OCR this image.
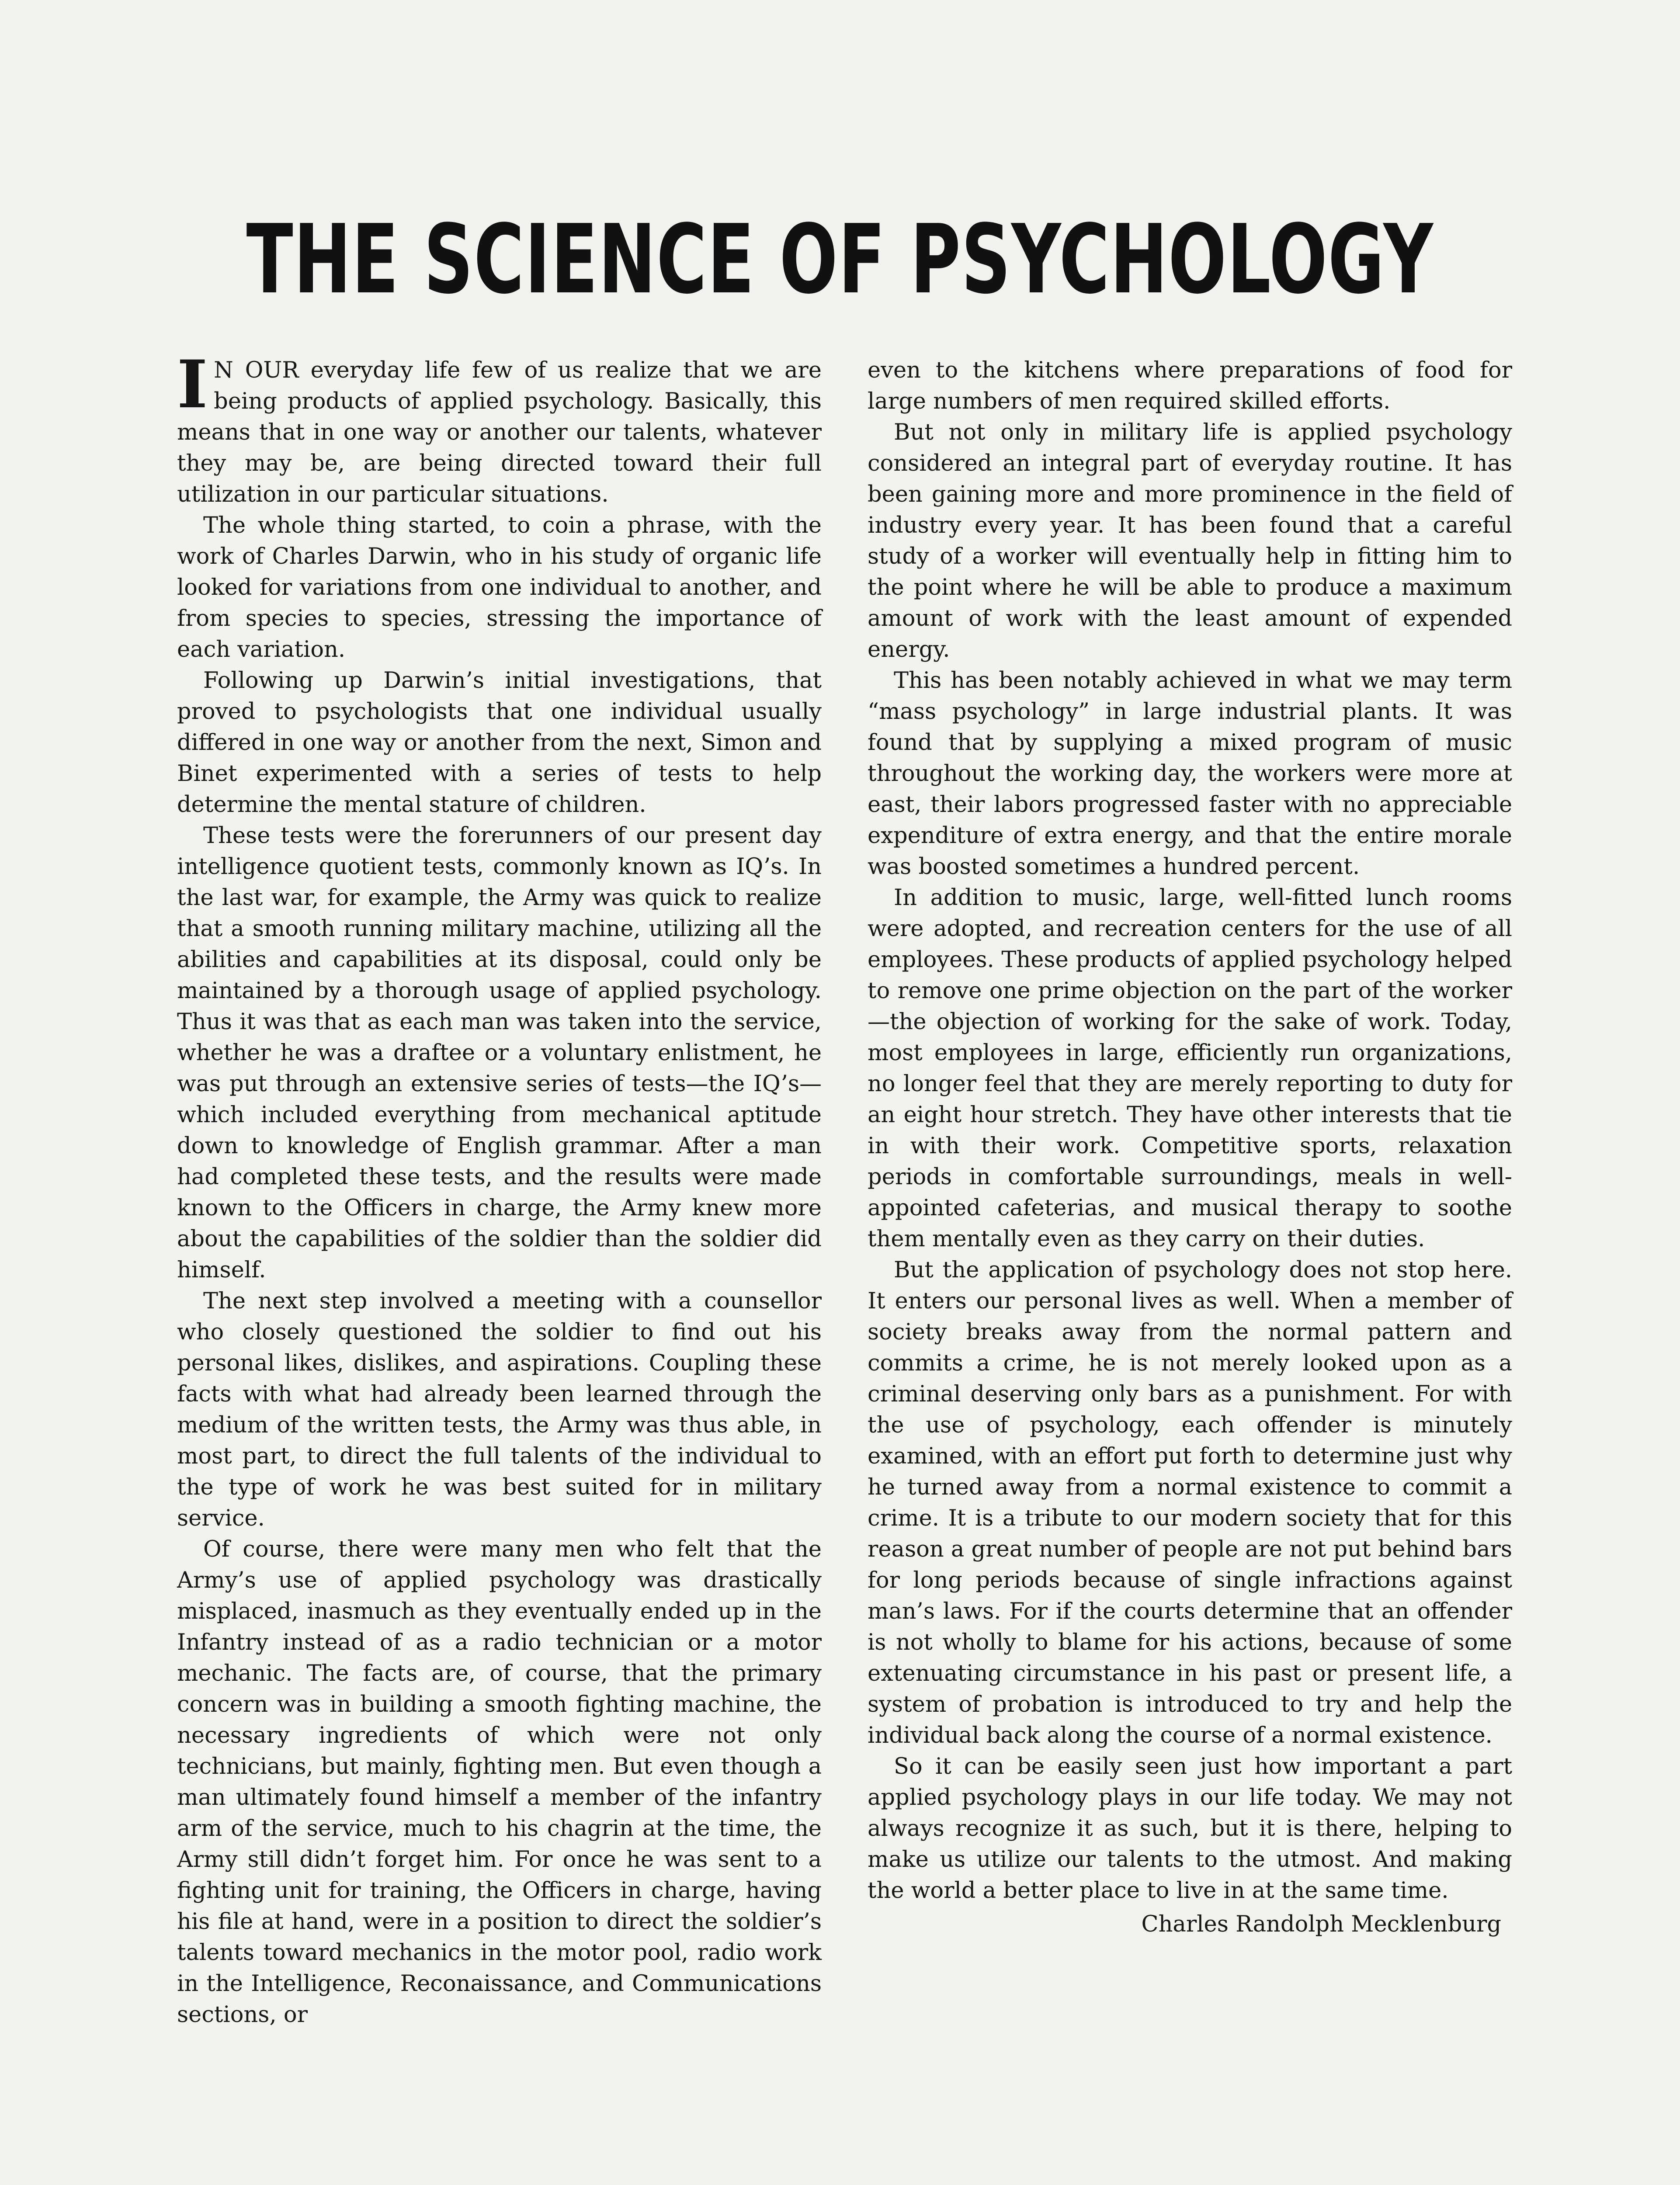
THE SCIENCE OF PSYCHOLOGY

I N OUR everyday life few of us realize that we are being products of applied psychology. Basically, this means that in one way or another our talents, whatever they may be, are being directed toward their full utilization in our particular situations.

The whole thing started, to coin a phrase, with the work of Charles Darwin, who in his study of organic life looked for variations from one individual to another, and from species to species, stressing the importance of each variation.

Following up Darwin’s initial investigations, that proved to psychologists that one individual usually differed in one way or another from the next, Simon and Binet experimented with a series of tests to help determine the mental stature of children.

These tests were the forerunners of our present day intelligence quotient tests, commonly known as IQ’s. In the last war, for example, the Army was quick to realize that a smooth running military machine, utilizing all the abilities and capabilities at its disposal, could only be maintained by a thorough usage of applied psychology. Thus it was that as each man was taken into the service, whether he was a draftee or a voluntary enlistment, he was put through an extensive series of tests—the IQ’s—which included everything from mechanical aptitude down to knowledge of English grammar. After a man had completed these tests, and the results were made known to the Officers in charge, the Army knew more about the capabilities of the soldier than the soldier did himself.

The next step involved a meeting with a counsellor who closely questioned the soldier to find out his personal likes, dislikes, and aspirations. Coupling these facts with what had already been learned through the medium of the written tests, the Army was thus able, in most part, to direct the full talents of the individual to the type of work he was best suited for in military service.

Of course, there were many men who felt that the Army’s use of applied psychology was drastically misplaced, inasmuch as they eventually ended up in the Infantry instead of as a radio technician or a motor mechanic. The facts are, of course, that the primary concern was in building a smooth fighting machine, the necessary ingredients of which were not only technicians, but mainly, fighting men. But even though a man ultimately found himself a member of the infantry arm of the service, much to his chagrin at the time, the Army still didn’t forget him. For once he was sent to a fighting unit for training, the Officers in charge, having his file at hand, were in a position to direct the soldier’s talents toward mechanics in the motor pool, radio work in the Intelligence, Reconaissance, and Communications sections, or

even to the kitchens where preparations of food for large numbers of men required skilled efforts.

But not only in military life is applied psychology considered an integral part of everyday routine. It has been gaining more and more prominence in the field of industry every year. It has been found that a careful study of a worker will eventually help in fitting him to the point where he will be able to produce a maximum amount of work with the least amount of expended energy.

This has been notably achieved in what we may term “mass psychology” in large industrial plants. It was found that by supplying a mixed program of music throughout the working day, the workers were more at east, their labors progressed faster with no appreciable expenditure of extra energy, and that the entire morale was boosted sometimes a hundred percent.

In addition to music, large, well-fitted lunch rooms were adopted, and recreation centers for the use of all employees. These products of applied psychology helped to remove one prime objection on the part of the worker—the objection of working for the sake of work. Today, most employees in large, efficiently run organizations, no longer feel that they are merely reporting to duty for an eight hour stretch. They have other interests that tie in with their work. Competitive sports, relaxation periods in comfortable surroundings, meals in well-appointed cafeterias, and musical therapy to soothe them mentally even as they carry on their duties.

But the application of psychology does not stop here. It enters our personal lives as well. When a member of society breaks away from the normal pattern and commits a crime, he is not merely looked upon as a criminal deserving only bars as a punishment. For with the use of psychology, each offender is minutely examined, with an effort put forth to determine just why he turned away from a normal existence to commit a crime. It is a tribute to our modern society that for this reason a great number of people are not put behind bars for long periods because of single infractions against man’s laws. For if the courts determine that an offender is not wholly to blame for his actions, because of some extenuating circumstance in his past or present life, a system of probation is introduced to try and help the individual back along the course of a normal existence.

So it can be easily seen just how important a part applied psychology plays in our life today. We may not always recognize it as such, but it is there, helping to make us utilize our talents to the utmost. And making the world a better place to live in at the same time.

Charles Randolph Mecklenburg
